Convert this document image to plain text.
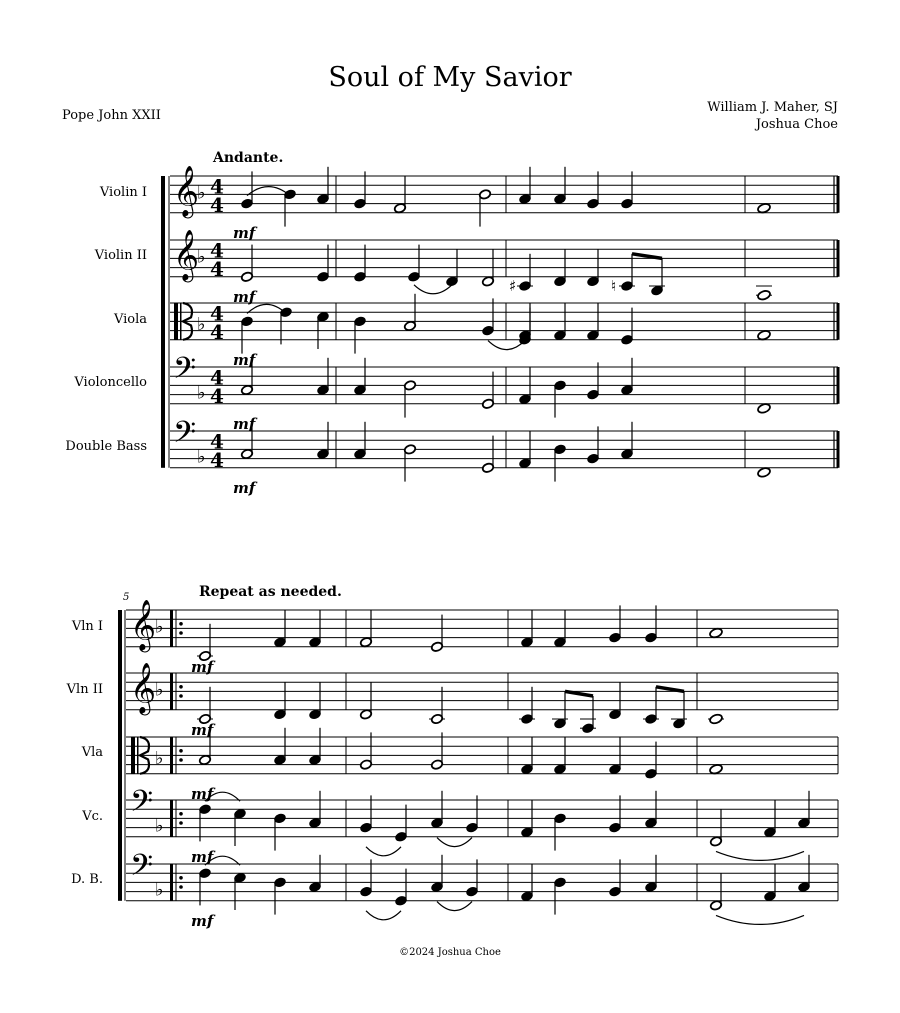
Soul of My Savior
Pope John XXII
William J. Maher, SJ
Joshua Choe
Andante.
Repeat as needed.
5
Violin I
Violin II
Viola
Violoncello
Double Bass
Vln I
Vln II
Vla
Vc.
D. B.
𝄞
♭ 4
4
𝄞
♭ 4
4
♭ 4
4
𝄢 ♭
4
4
𝄢 ♭
4
4
mf
♯	♮
mf
mf
mf
mf
𝄞
♭
𝄞
♭
♭
𝄢 ♭
𝄢 ♭
mf
mf
mf
mf
mf
©2024 Joshua Choe
